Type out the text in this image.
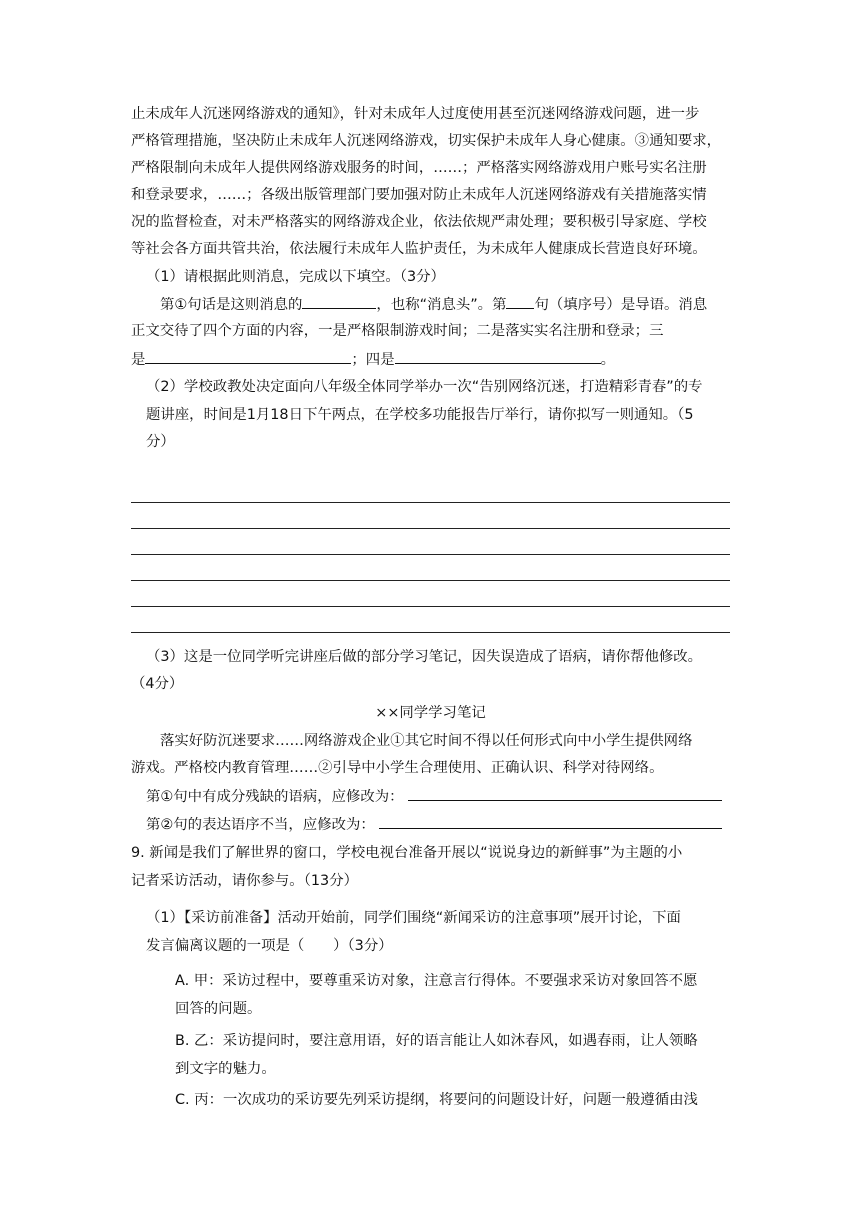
止未成年人沉迷网络游戏的通知》，针对未成年人过度使用甚至沉迷网络游戏问题，进一步
严格管理措施，坚决防止未成年人沉迷网络游戏，切实保护未成年人身心健康。③通知要求，
严格限制向未成年人提供网络游戏服务的时间，……；严格落实网络游戏用户账号实名注册
和登录要求，……；各级出版管理部门要加强对防止未成年人沉迷网络游戏有关措施落实情
况的监督检查，对未严格落实的网络游戏企业，依法依规严肃处理；要积极引导家庭、学校
等社会各方面共管共治，依法履行未成年人监护责任，为未成年人健康成长营造良好环境。
（1）请根据此则消息，完成以下填空。（3分）
第①句话是这则消息的	，也称“消息头”。第 句（填序号）是导语。消息
正文交待了四个方面的内容，一是严格限制游戏时间；二是落实实名注册和登录；三
是	；四是	。
（2）学校政教处决定面向八年级全体同学举办一次“告别网络沉迷，打造精彩青春”的专
题讲座，时间是1月18日下午两点，在学校多功能报告厅举行，请你拟写一则通知。（5
分）
（3）这是一位同学听完讲座后做的部分学习笔记，因失误造成了语病，请你帮他修改。
（4分）
××同学学习笔记
落实好防沉迷要求……网络游戏企业①其它时间不得以任何形式向中小学生提供网络
游戏。严格校内教育管理……②引导中小学生合理使用、正确认识、科学对待网络。
第①句中有成分残缺的语病，应修改为：
第②句的表达语序不当，应修改为：
9. 新闻是我们了解世界的窗口，学校电视台准备开展以“说说身边的新鲜事”为主题的小
记者采访活动，请你参与。（13分）
（1）【采访前准备】活动开始前，同学们围绕“新闻采访的注意事项”展开讨论，下面
发言偏离议题的一项是（　　）（3分）
A. 甲：采访过程中，要尊重采访对象，注意言行得体。不要强求采访对象回答不愿
回答的问题。
B. 乙：采访提问时，要注意用语，好的语言能让人如沐春风，如遇春雨，让人领略
到文字的魅力。
C. 丙：一次成功的采访要先列采访提纲，将要问的问题设计好，问题一般遵循由浅
